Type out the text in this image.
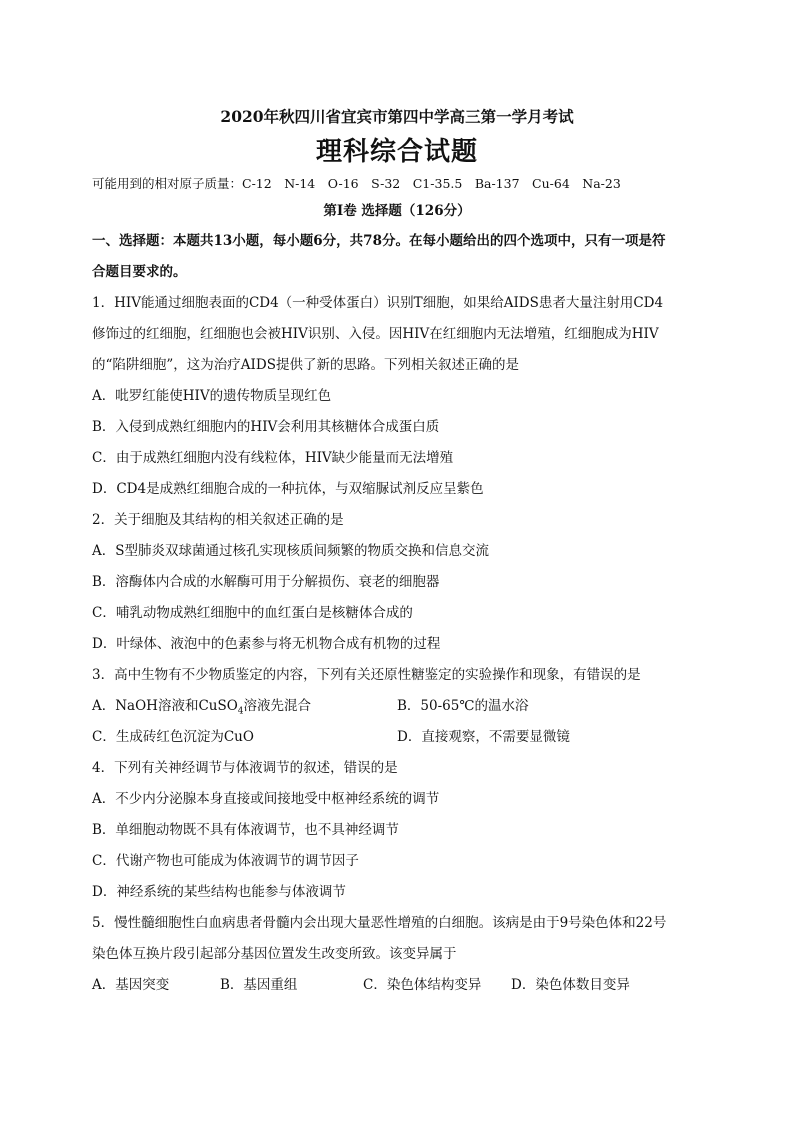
2020年秋四川省宜宾市第四中学高三第一学月考试
理科综合试题
可能用到的相对原子质量：C-12　N-14　O-16　S-32　C1-35.5　Ba-137　Cu-64　Na-23
第I卷 选择题（126分）
一、选择题：本题共13小题，每小题6分，共78分。在每小题给出的四个选项中，只有一项是符
合题目要求的。
1．HIV能通过细胞表面的CD4（一种受体蛋白）识别T细胞，如果给AIDS患者大量注射用CD4
修饰过的红细胞，红细胞也会被HIV识别、入侵。因HIV在红细胞内无法增殖，红细胞成为HIV
的“陷阱细胞”，这为治疗AIDS提供了新的思路。下列相关叙述正确的是
A．吡罗红能使HIV的遗传物质呈现红色
B．入侵到成熟红细胞内的HIV会利用其核糖体合成蛋白质
C．由于成熟红细胞内没有线粒体，HIV缺少能量而无法增殖
D．CD4是成熟红细胞合成的一种抗体，与双缩脲试剂反应呈紫色
2．关于细胞及其结构的相关叙述正确的是
A．S型肺炎双球菌通过核孔实现核质间频繁的物质交换和信息交流
B．溶酶体内合成的水解酶可用于分解损伤、衰老的细胞器
C．哺乳动物成熟红细胞中的血红蛋白是核糖体合成的
D．叶绿体、液泡中的色素参与将无机物合成有机物的过程
3．高中生物有不少物质鉴定的内容，下列有关还原性糖鉴定的实验操作和现象，有错误的是
A．NaOH溶液和CuSO$_4$溶液先混合	B．50-65℃的温水浴
C．生成砖红色沉淀为CuO	D．直接观察，不需要显微镜
4．下列有关神经调节与体液调节的叙述，错误的是
A．不少内分泌腺本身直接或间接地受中枢神经系统的调节
B．单细胞动物既不具有体液调节，也不具神经调节
C．代谢产物也可能成为体液调节的调节因子
D．神经系统的某些结构也能参与体液调节
5．慢性髓细胞性白血病患者骨髓内会出现大量恶性增殖的白细胞。该病是由于9号染色体和22号
染色体互换片段引起部分基因位置发生改变所致。该变异属于
A．基因突变	B．基因重组	C．染色体结构变异	D．染色体数目变异
